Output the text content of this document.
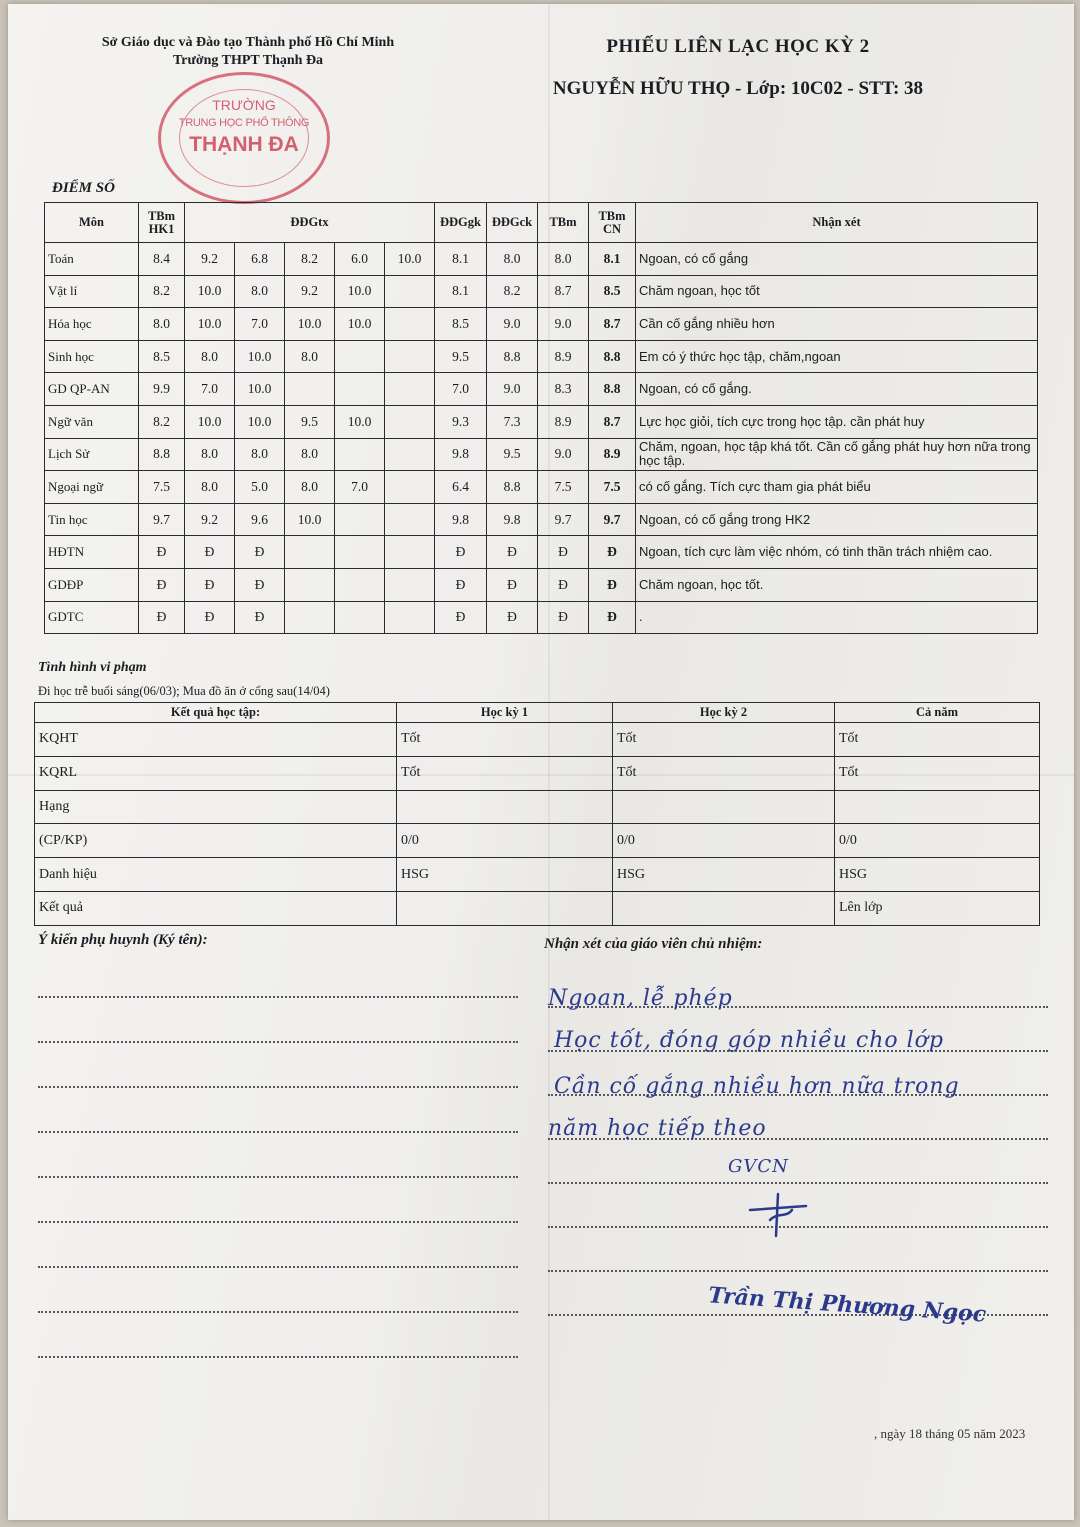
Sở Giáo dục và Đào tạo Thành phố Hồ Chí Minh
Trường THPT Thạnh Đa
TRƯỜNG
TRUNG HỌC PHỔ THÔNG
THẠNH ĐA
PHIẾU LIÊN LẠC HỌC KỲ 2
NGUYỄN HỮU THỌ - Lớp: 10C02 - STT: 38
ĐIỂM SỐ
Môn	TBm HK1	ĐĐGtx					ĐĐGgk	ĐĐGck	TBm	TBm CN	Nhận xét
Toán	8.4	9.2	6.8	8.2	6.0	10.0	8.1	8.0	8.0	8.1	Ngoan, có cố gắng
Vật lí	8.2	10.0	8.0	9.2	10.0		8.1	8.2	8.7	8.5	Chăm ngoan, học tốt
Hóa học	8.0	10.0	7.0	10.0	10.0		8.5	9.0	9.0	8.7	Cần cố gắng nhiều hơn
Sinh học	8.5	8.0	10.0	8.0			9.5	8.8	8.9	8.8	Em có ý thức học tập, chăm,ngoan
GD QP-AN	9.9	7.0	10.0				7.0	9.0	8.3	8.8	Ngoan, có cố gắng.
Ngữ văn	8.2	10.0	10.0	9.5	10.0		9.3	7.3	8.9	8.7	Lực học giỏi, tích cực trong học tập. cần phát huy
Lịch Sử	8.8	8.0	8.0	8.0			9.8	9.5	9.0	8.9	Chăm, ngoan, học tập khá tốt. Cần cố gắng phát huy hơn nữa trong học tập.
Ngoại ngữ	7.5	8.0	5.0	8.0	7.0		6.4	8.8	7.5	7.5	có cố gắng. Tích cực tham gia phát biểu
Tin học	9.7	9.2	9.6	10.0			9.8	9.8	9.7	9.7	Ngoan, có cố gắng trong HK2
HĐTN	Đ	Đ	Đ				Đ	Đ	Đ	Đ	Ngoan, tích cực làm việc nhóm, có tinh thần trách nhiệm cao.
GDĐP	Đ	Đ	Đ				Đ	Đ	Đ	Đ	Chăm ngoan, học tốt.
GDTC	Đ	Đ	Đ				Đ	Đ	Đ	Đ	.
Tình hình vi phạm
Đi học trễ buổi sáng(06/03); Mua đồ ăn ở cổng sau(14/04)
Kết quả học tập:	Học kỳ 1	Học kỳ 2	Cả năm
KQHT	Tốt	Tốt	Tốt
KQRL	Tốt	Tốt	Tốt
Hạng			
(CP/KP)	0/0	0/0	0/0
Danh hiệu	HSG	HSG	HSG
Kết quả			Lên lớp
Ý kiến phụ huynh (Ký tên):	Nhận xét của giáo viên chủ nhiệm:
Ngoan, lễ phép
Học tốt, đóng góp nhiều cho lớp
Cần cố gắng nhiều hơn nữa trong
năm học tiếp theo
GVCN
Trần Thị Phương Ngọc
, ngày 18 tháng 05 năm 2023
